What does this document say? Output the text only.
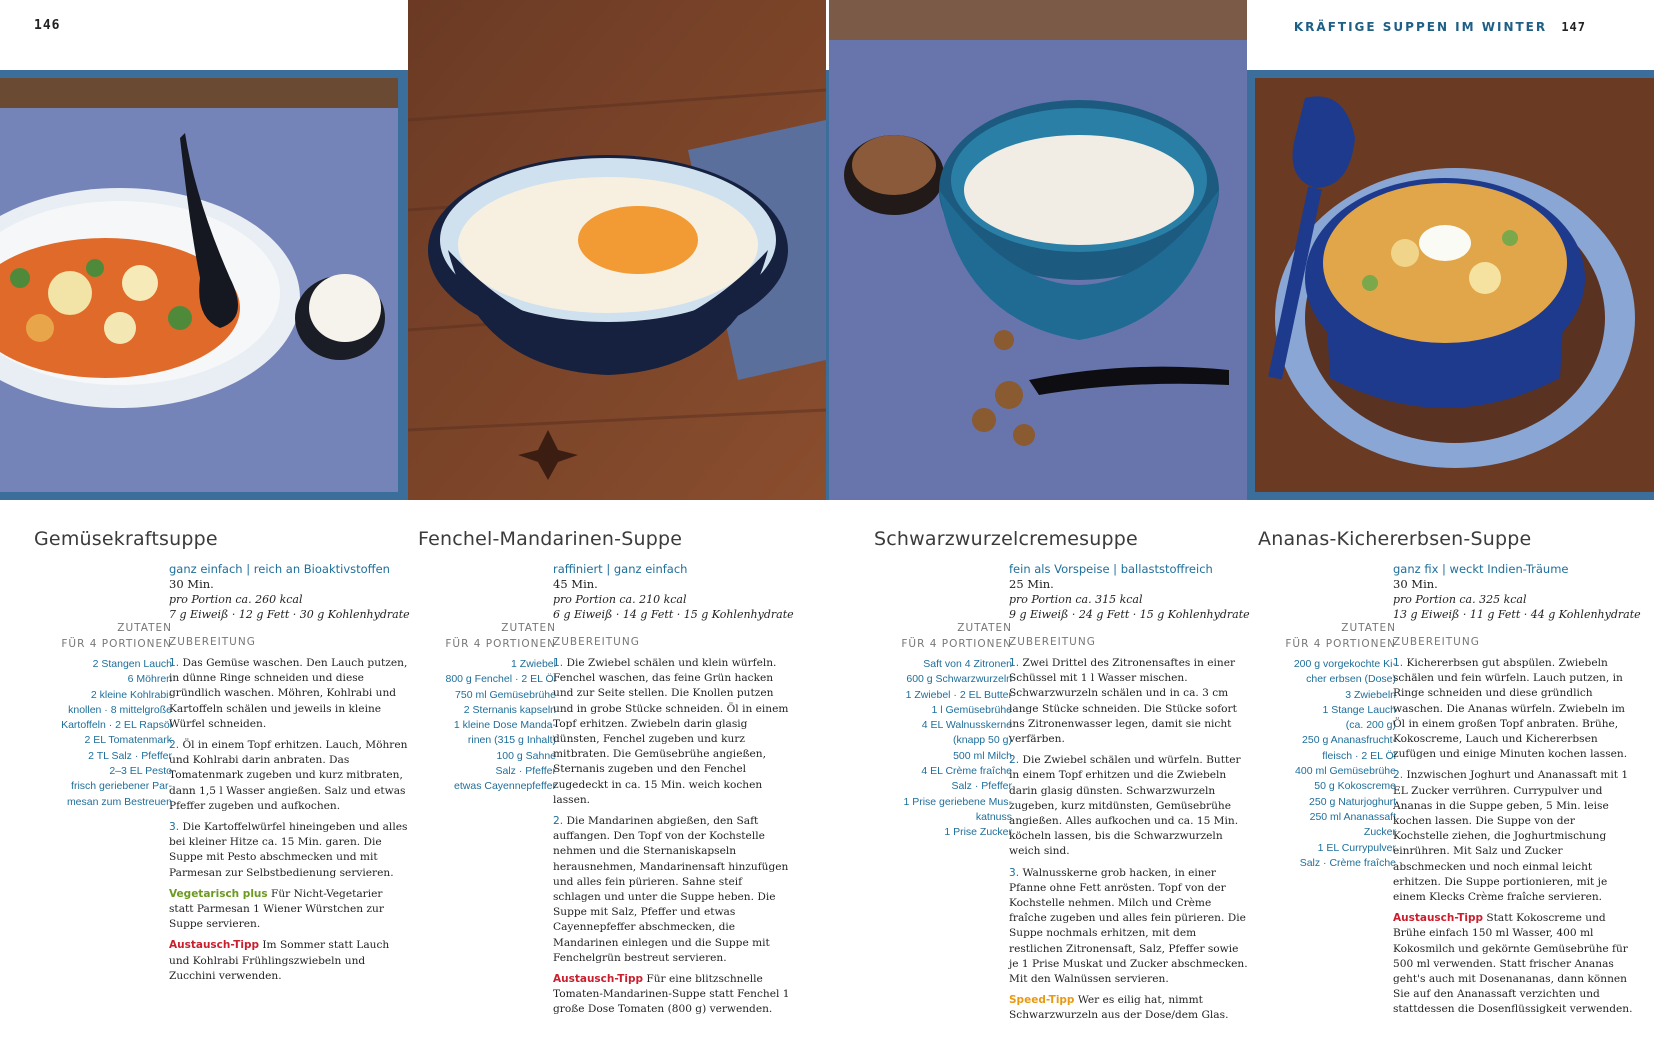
146	KRÄFTIGE SUPPEN IM WINTER 147
Gemüsekraftsuppe
ganz einfach | reich an Bioaktivstoffen
30 Min.
pro Portion ca. 260 kcal
7 g Eiweiß · 12 g Fett · 30 g Kohlenhydrate
ZUTATEN
FÜR 4 PORTIONEN
ZUBEREITUNG
2 Stangen Lauch
6 Möhren
2 kleine Kohlrabi-
knollen · 8 mittelgroße
Kartoffeln · 2 EL Rapsöl
2 EL Tomatenmark
2 TL Salz · Pfeffer
2–3 EL Pesto
frisch geriebener Par-
mesan zum Bestreuen

1. Das Gemüse waschen. Den Lauch putzen, in dünne Ringe schneiden und diese gründlich waschen. Möhren, Kohlrabi und Kartoffeln schälen und jeweils in kleine Würfel schneiden.

2. Öl in einem Topf erhitzen. Lauch, Möhren und Kohlrabi darin anbraten. Das Tomatenmark zugeben und kurz mitbraten, dann 1,5 l Wasser angießen. Salz und etwas Pfeffer zugeben und aufkochen.

3. Die Kartoffelwürfel hineingeben und alles bei kleiner Hitze ca. 15 Min. garen. Die Suppe mit Pesto abschmecken und mit Parmesan zur Selbstbedienung servieren.

Vegetarisch plus Für Nicht-Vegetarier statt Parmesan 1 Wiener Würstchen zur Suppe servieren.

Austausch-Tipp Im Sommer statt Lauch und Kohlrabi Frühlingszwiebeln und Zucchini verwenden.

Fenchel-Mandarinen-Suppe
raffiniert | ganz einfach
45 Min.
pro Portion ca. 210 kcal
6 g Eiweiß · 14 g Fett · 15 g Kohlenhydrate
ZUTATEN
FÜR 4 PORTIONEN
ZUBEREITUNG
1 Zwiebel
800 g Fenchel · 2 EL Öl
750 ml Gemüsebrühe
2 Sternanis kapseln
1 kleine Dose Manda-
rinen (315 g Inhalt)
100 g Sahne
Salz · Pfeffer
etwas Cayennepfeffer

1. Die Zwiebel schälen und klein würfeln. Fenchel waschen, das feine Grün hacken und zur Seite stellen. Die Knollen putzen und in grobe Stücke schneiden. Öl in einem Topf erhitzen. Zwiebeln darin glasig dünsten, Fenchel zugeben und kurz mitbraten. Die Gemüsebrühe angießen, Sternanis zugeben und den Fenchel zugedeckt in ca. 15 Min. weich kochen lassen.

2. Die Mandarinen abgießen, den Saft auffangen. Den Topf von der Kochstelle nehmen und die Sternaniskapseln herausnehmen, Mandarinensaft hinzufügen und alles fein pürieren. Sahne steif schlagen und unter die Suppe heben. Die Suppe mit Salz, Pfeffer und etwas Cayennepfeffer abschmecken, die Mandarinen einlegen und die Suppe mit Fenchelgrün bestreut servieren.

Austausch-Tipp Für eine blitzschnelle Tomaten-Mandarinen-Suppe statt Fenchel 1 große Dose Tomaten (800 g) verwenden.

Schwarzwurzelcremesuppe
fein als Vorspeise | ballaststoffreich
25 Min.
pro Portion ca. 315 kcal
9 g Eiweiß · 24 g Fett · 15 g Kohlenhydrate
ZUTATEN
FÜR 4 PORTIONEN
ZUBEREITUNG
Saft von 4 Zitronen
600 g Schwarzwurzeln
1 Zwiebel · 2 EL Butter
1 l Gemüsebrühe
4 EL Walnusskerne
(knapp 50 g)
500 ml Milch
4 EL Crème fraîche
Salz · Pfeffer
1 Prise geriebene Mus-
katnuss
1 Prise Zucker

1. Zwei Drittel des Zitronensaftes in einer Schüssel mit 1 l Wasser mischen. Schwarzwurzeln schälen und in ca. 3 cm lange Stücke schneiden. Die Stücke sofort ins Zitronenwasser legen, damit sie nicht verfärben.

2. Die Zwiebel schälen und würfeln. Butter in einem Topf erhitzen und die Zwiebeln darin glasig dünsten. Schwarzwurzeln zugeben, kurz mitdünsten, Gemüsebrühe angießen. Alles aufkochen und ca. 15 Min. köcheln lassen, bis die Schwarzwurzeln weich sind.

3. Walnusskerne grob hacken, in einer Pfanne ohne Fett anrösten. Topf von der Kochstelle nehmen. Milch und Crème fraîche zugeben und alles fein pürieren. Die Suppe nochmals erhitzen, mit dem restlichen Zitronensaft, Salz, Pfeffer sowie je 1 Prise Muskat und Zucker abschmecken. Mit den Walnüssen servieren.

Speed-Tipp Wer es eilig hat, nimmt Schwarzwurzeln aus der Dose/dem Glas.

Ananas-Kichererbsen-Suppe
ganz fix | weckt Indien-Träume
30 Min.
pro Portion ca. 325 kcal
13 g Eiweiß · 11 g Fett · 44 g Kohlenhydrate
ZUTATEN
FÜR 4 PORTIONEN
ZUBEREITUNG
200 g vorgekochte Ki-
cher erbsen (Dose)
3 Zwiebeln
1 Stange Lauch
(ca. 200 g)
250 g Ananasfrucht-
fleisch · 2 EL Öl
400 ml Gemüsebrühe
50 g Kokoscreme
250 g Naturjoghurt
250 ml Ananassaft
Zucker
1 EL Currypulver
Salz · Crème fraîche

1. Kichererbsen gut abspülen. Zwiebeln schälen und fein würfeln. Lauch putzen, in Ringe schneiden und diese gründlich waschen. Die Ananas würfeln. Zwiebeln im Öl in einem großen Topf anbraten. Brühe, Kokoscreme, Lauch und Kichererbsen zufügen und einige Minuten kochen lassen.

2. Inzwischen Joghurt und Ananassaft mit 1 EL Zucker verrühren. Currypulver und Ananas in die Suppe geben, 5 Min. leise kochen lassen. Die Suppe von der Kochstelle ziehen, die Joghurtmischung einrühren. Mit Salz und Zucker abschmecken und noch einmal leicht erhitzen. Die Suppe portionieren, mit je einem Klecks Crème fraîche servieren.

Austausch-Tipp Statt Kokoscreme und Brühe einfach 150 ml Wasser, 400 ml Kokosmilch und gekörnte Gemüsebrühe für 500 ml verwenden. Statt frischer Ananas geht's auch mit Dosenananas, dann können Sie auf den Ananassaft verzichten und stattdessen die Dosenflüssigkeit verwenden.
